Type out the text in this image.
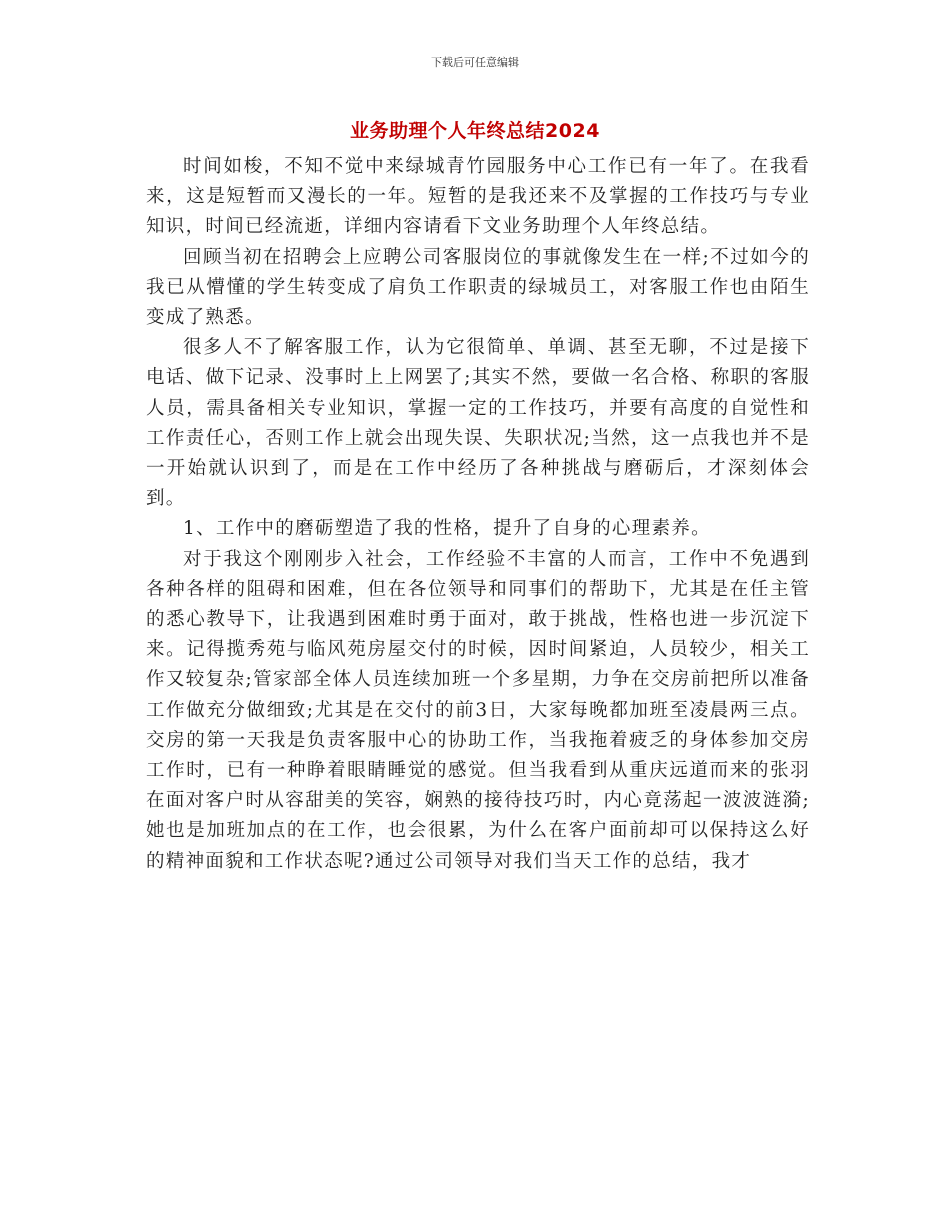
下载后可任意编辑
业务助理个人年终总结2024

时间如梭，不知不觉中来绿城青竹园服务中心工作已有一年了。在我看来，这是短暂而又漫长的一年。短暂的是我还来不及掌握的工作技巧与专业知识，时间已经流逝，详细内容请看下文业务助理个人年终总结。

回顾当初在招聘会上应聘公司客服岗位的事就像发生在一样;不过如今的我已从懵懂的学生转变成了肩负工作职责的绿城员工，对客服工作也由陌生变成了熟悉。

很多人不了解客服工作，认为它很简单、单调、甚至无聊，不过是接下电话、做下记录、没事时上上网罢了;其实不然，要做一名合格、称职的客服人员，需具备相关专业知识，掌握一定的工作技巧，并要有高度的自觉性和工作责任心，否则工作上就会出现失误、失职状况;当然，这一点我也并不是一开始就认识到了，而是在工作中经历了各种挑战与磨砺后，才深刻体会到。

1、工作中的磨砺塑造了我的性格，提升了自身的心理素养。

对于我这个刚刚步入社会，工作经验不丰富的人而言，工作中不免遇到各种各样的阻碍和困难，但在各位领导和同事们的帮助下，尤其是在任主管的悉心教导下，让我遇到困难时勇于面对，敢于挑战，性格也进一步沉淀下来。记得揽秀苑与临风苑房屋交付的时候，因时间紧迫，人员较少，相关工作又较复杂;管家部全体人员连续加班一个多星期，力争在交房前把所以准备工作做充分做细致;尤其是在交付的前3日，大家每晚都加班至凌晨两三点。交房的第一天我是负责客服中心的协助工作，当我拖着疲乏的身体参加交房工作时，已有一种睁着眼睛睡觉的感觉。但当我看到从重庆远道而来的张羽在面对客户时从容甜美的笑容，娴熟的接待技巧时，内心竟荡起一波波涟漪;她也是加班加点的在工作，也会很累，为什么在客户面前却可以保持这么好的精神面貌和工作状态呢?通过公司领导对我们当天工作的总结，我才
